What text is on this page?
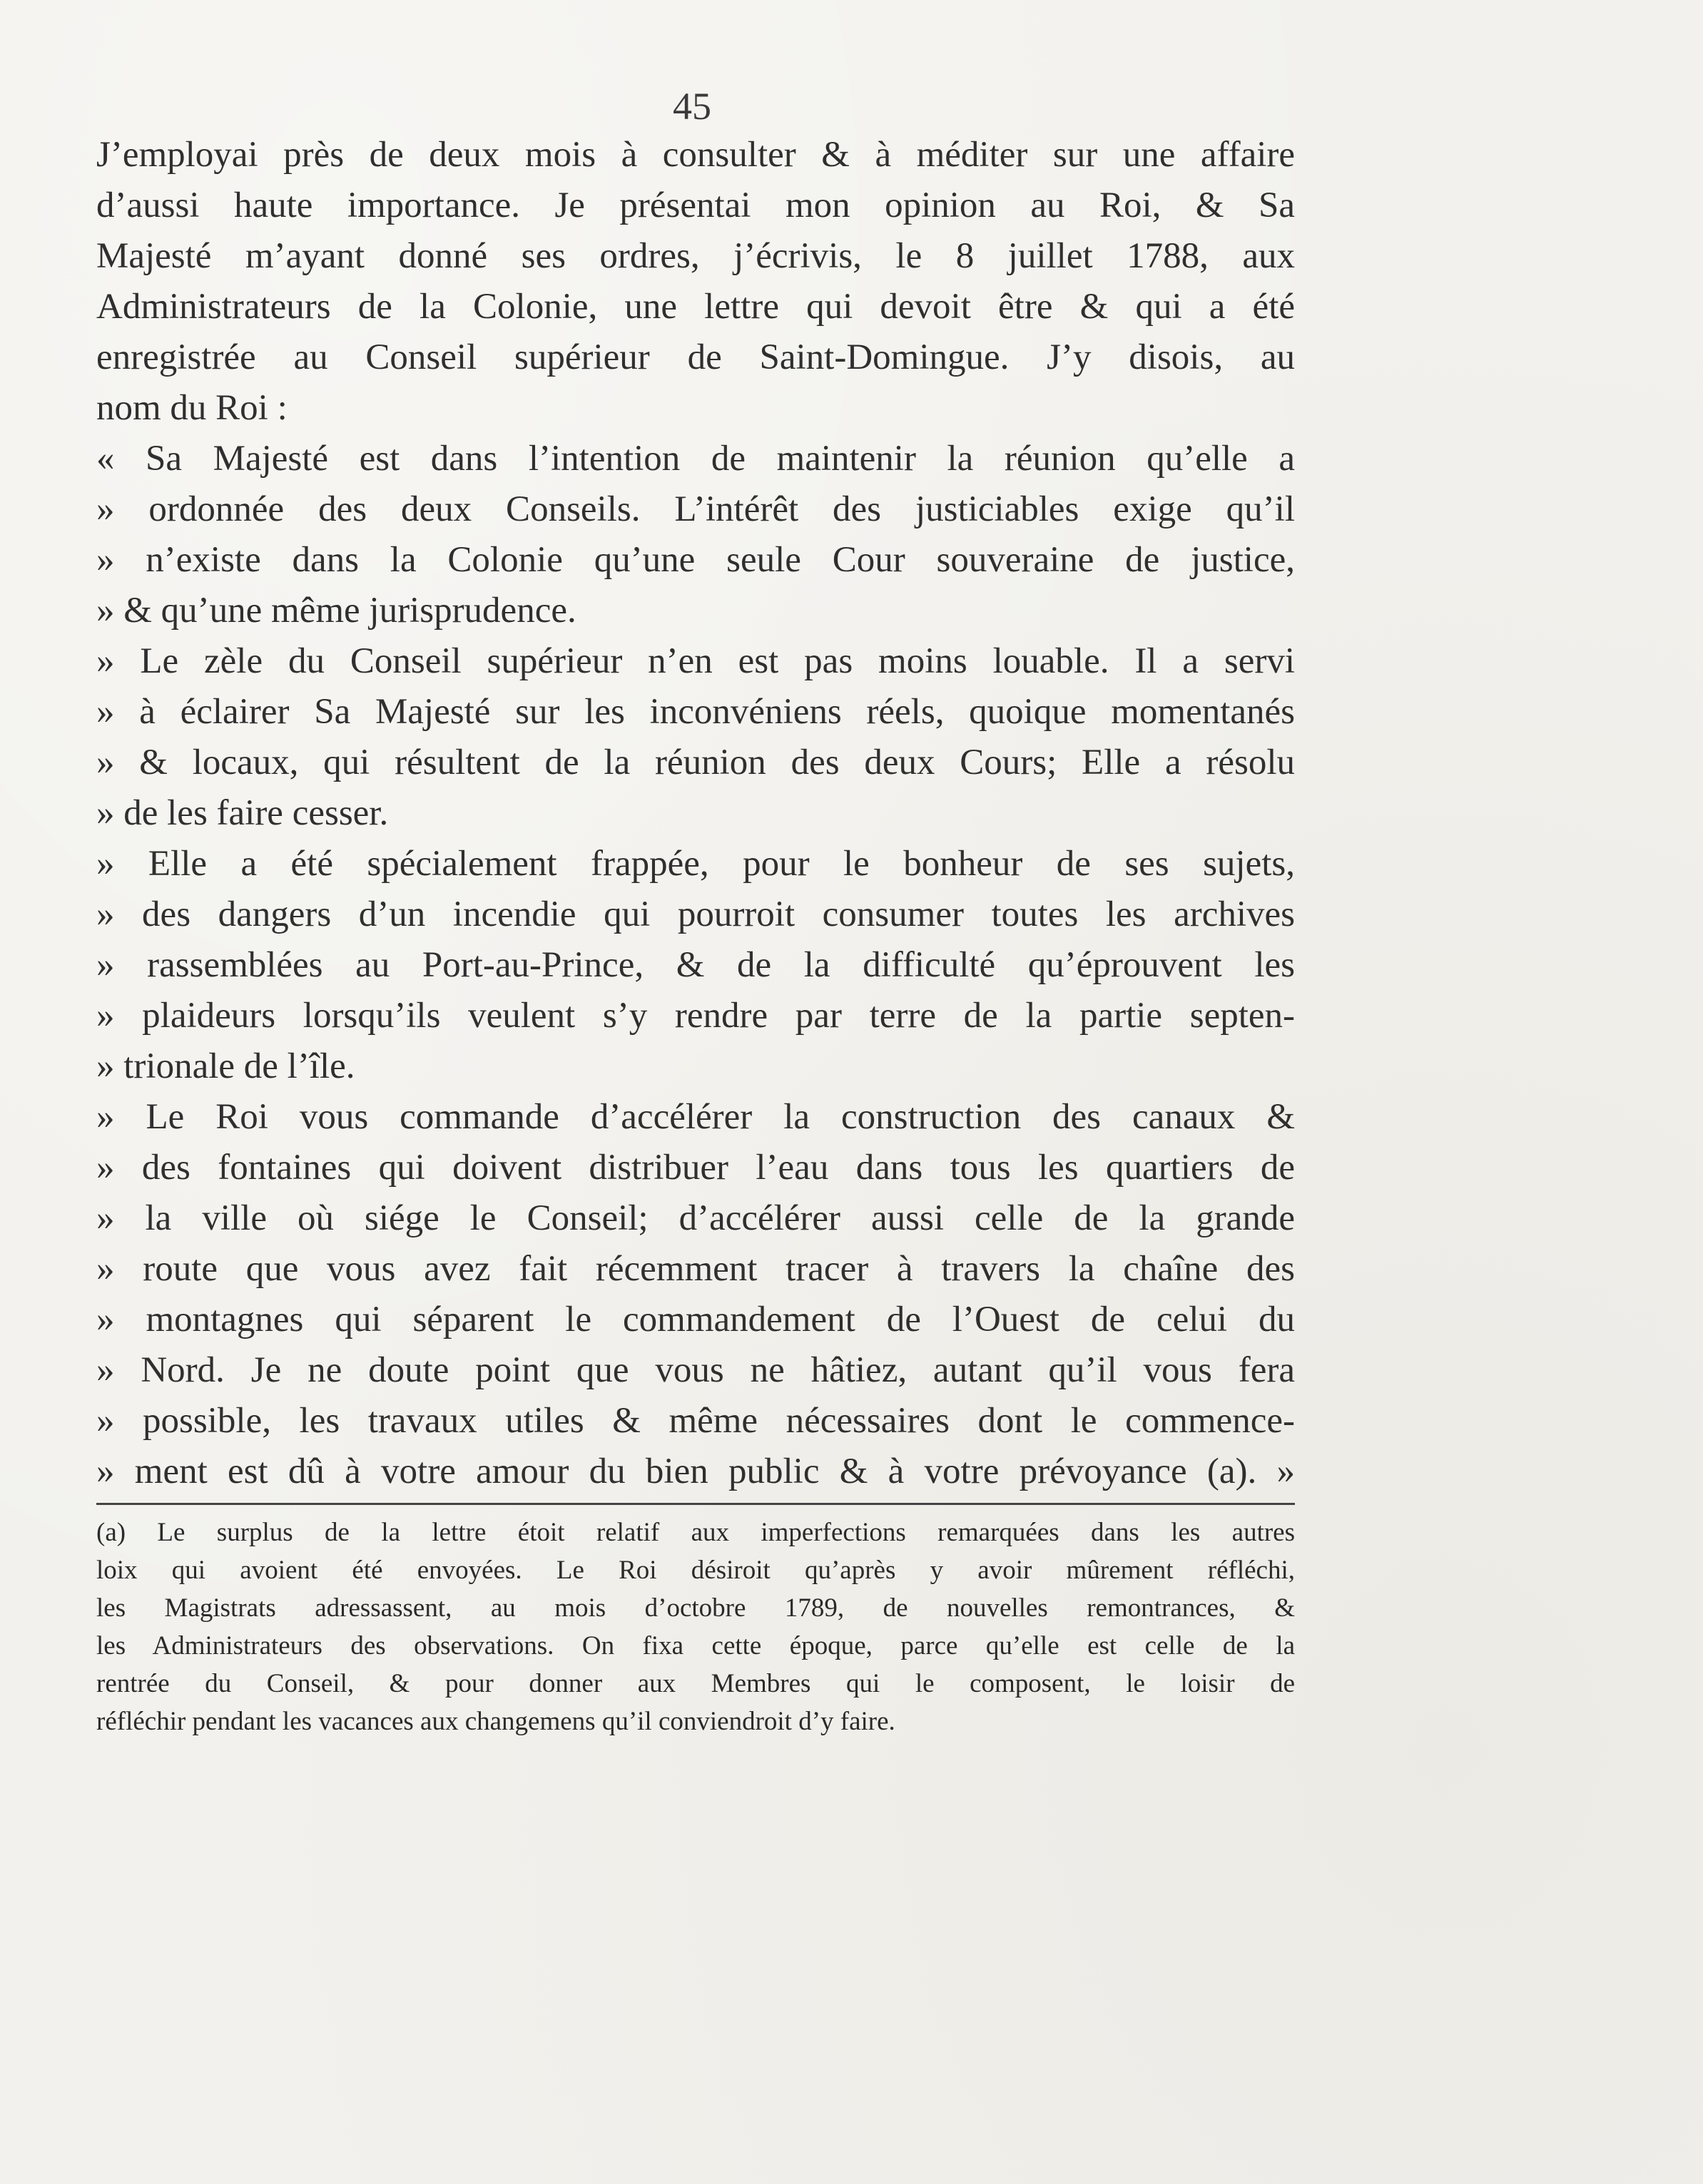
45
J’employai près de deux mois à consulter & à méditer sur une affaire
d’aussi haute importance. Je présentai mon opinion au Roi, & Sa
Majesté m’ayant donné ses ordres, j’écrivis, le 8 juillet 1788, aux
Administrateurs de la Colonie, une lettre qui devoit être & qui a été
enregistrée au Conseil supérieur de Saint-Domingue. J’y disois, au
nom du Roi :
« Sa Majesté est dans l’intention de maintenir la réunion qu’elle a
» ordonnée des deux Conseils. L’intérêt des justiciables exige qu’il
» n’existe dans la Colonie qu’une seule Cour souveraine de justice,
» & qu’une même jurisprudence.
» Le zèle du Conseil supérieur n’en est pas moins louable. Il a servi
» à éclairer Sa Majesté sur les inconvéniens réels, quoique momentanés
» & locaux, qui résultent de la réunion des deux Cours; Elle a résolu
» de les faire cesser.
» Elle a été spécialement frappée, pour le bonheur de ses sujets,
» des dangers d’un incendie qui pourroit consumer toutes les archives
» rassemblées au Port-au-Prince, & de la difficulté qu’éprouvent les
» plaideurs lorsqu’ils veulent s’y rendre par terre de la partie septen-
» trionale de l’île.
» Le Roi vous commande d’accélérer la construction des canaux &
» des fontaines qui doivent distribuer l’eau dans tous les quartiers de
» la ville où siége le Conseil; d’accélérer aussi celle de la grande
» route que vous avez fait récemment tracer à travers la chaîne des
» montagnes qui séparent le commandement de l’Ouest de celui du
» Nord. Je ne doute point que vous ne hâtiez, autant qu’il vous fera
» possible, les travaux utiles & même nécessaires dont le commence-
» ment est dû à votre amour du bien public & à votre prévoyance (a). »
(a) Le surplus de la lettre étoit relatif aux imperfections remarquées dans les autres
loix qui avoient été envoyées. Le Roi désiroit qu’après y avoir mûrement réfléchi,
les Magistrats adressassent, au mois d’octobre 1789, de nouvelles remontrances, &
les Administrateurs des observations. On fixa cette époque, parce qu’elle est celle de la
rentrée du Conseil, & pour donner aux Membres qui le composent, le loisir de
réfléchir pendant les vacances aux changemens qu’il conviendroit d’y faire.
